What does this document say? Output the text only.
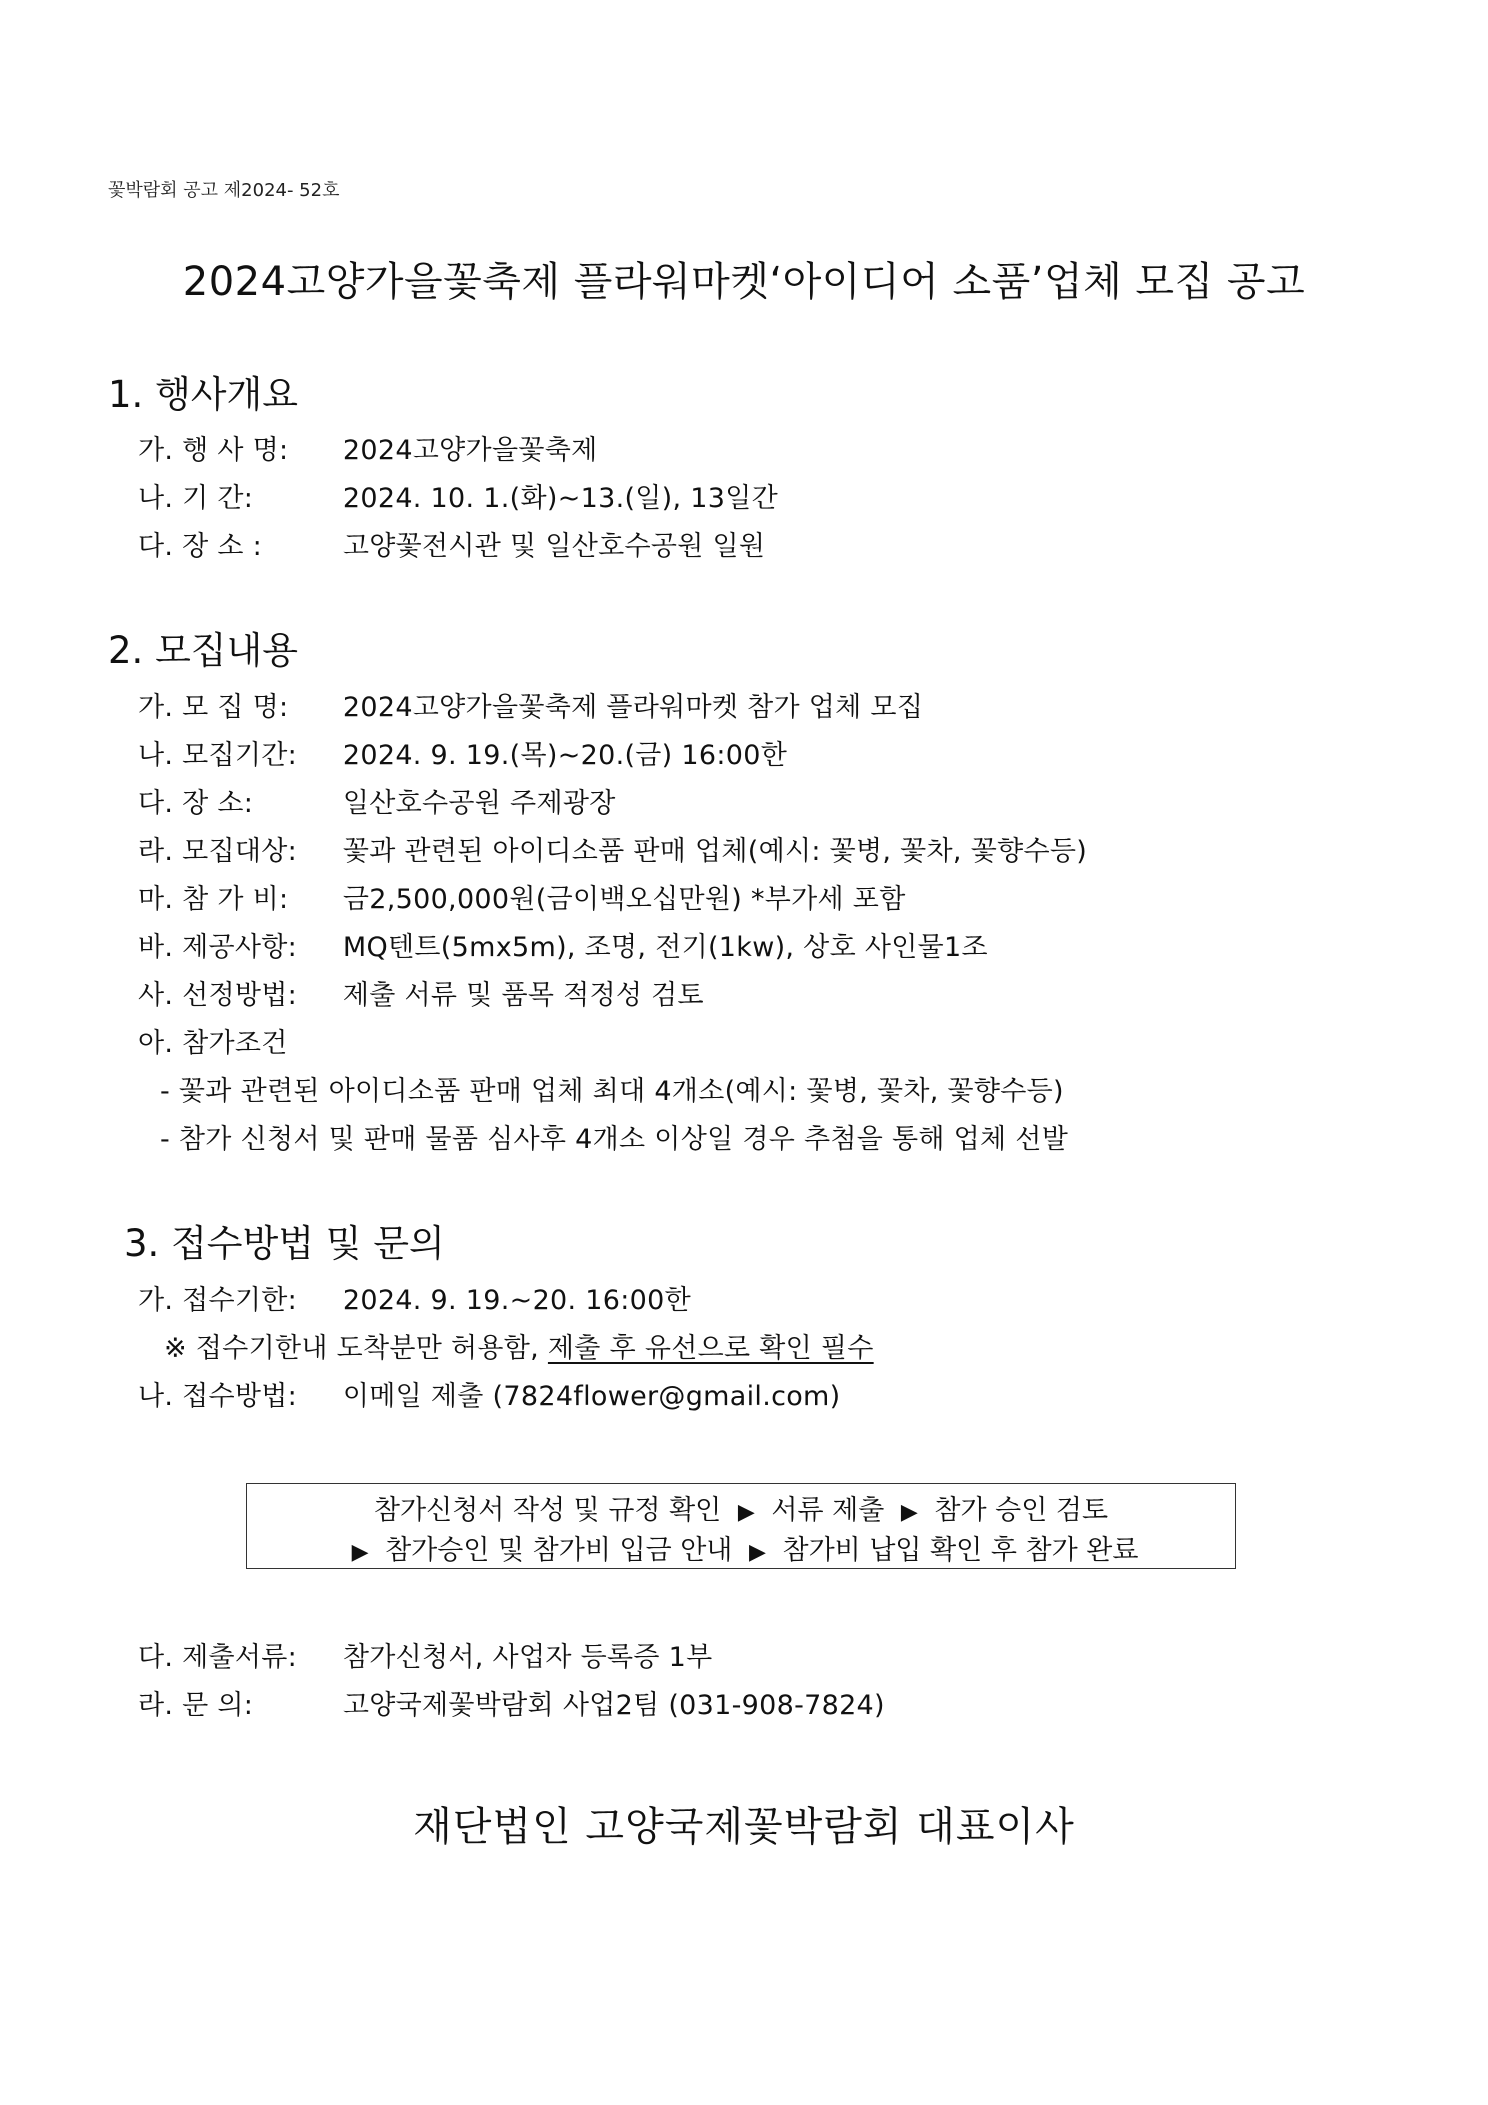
꽃박람회 공고 제2024- 52호
2024고양가을꽃축제 플라워마켓‘아이디어 소품’업체 모집 공고
1. 행사개요
가. 행 사 명: 2024고양가을꽃축제
나. 기 간:	2024. 10. 1.(화)~13.(일), 13일간
다. 장 소 :	고양꽃전시관 및 일산호수공원 일원
2. 모집내용
가. 모 집 명: 2024고양가을꽃축제 플라워마켓 참가 업체 모집
나. 모집기간: 2024. 9. 19.(목)~20.(금) 16:00한
다. 장 소:	일산호수공원 주제광장
라. 모집대상: 꽃과 관련된 아이디소품 판매 업체(예시: 꽃병, 꽃차, 꽃향수등)
마. 참 가 비: 금2,500,000원(금이백오십만원) *부가세 포함
바. 제공사항: MQ텐트(5mx5m), 조명, 전기(1kw), 상호 사인물1조
사. 선정방법: 제출 서류 및 품목 적정성 검토
아. 참가조건
- 꽃과 관련된 아이디소품 판매 업체 최대 4개소(예시: 꽃병, 꽃차, 꽃향수등)
- 참가 신청서 및 판매 물품 심사후 4개소 이상일 경우 추첨을 통해 업체 선발
3. 접수방법 및 문의
가. 접수기한: 2024. 9. 19.~20. 16:00한
※ 접수기한내 도착분만 허용함, 제출 후 유선으로 확인 필수
나. 접수방법: 이메일 제출 (7824flower@gmail.com)
참가신청서 작성 및 규정 확인 ▶ 서류 제출 ▶ 참가 승인 검토
▶ 참가승인 및 참가비 입금 안내 ▶ 참가비 납입 확인 후 참가 완료
다. 제출서류: 참가신청서, 사업자 등록증 1부
라. 문 의:	고양국제꽃박람회 사업2팀 (031-908-7824)
재단법인 고양국제꽃박람회 대표이사
